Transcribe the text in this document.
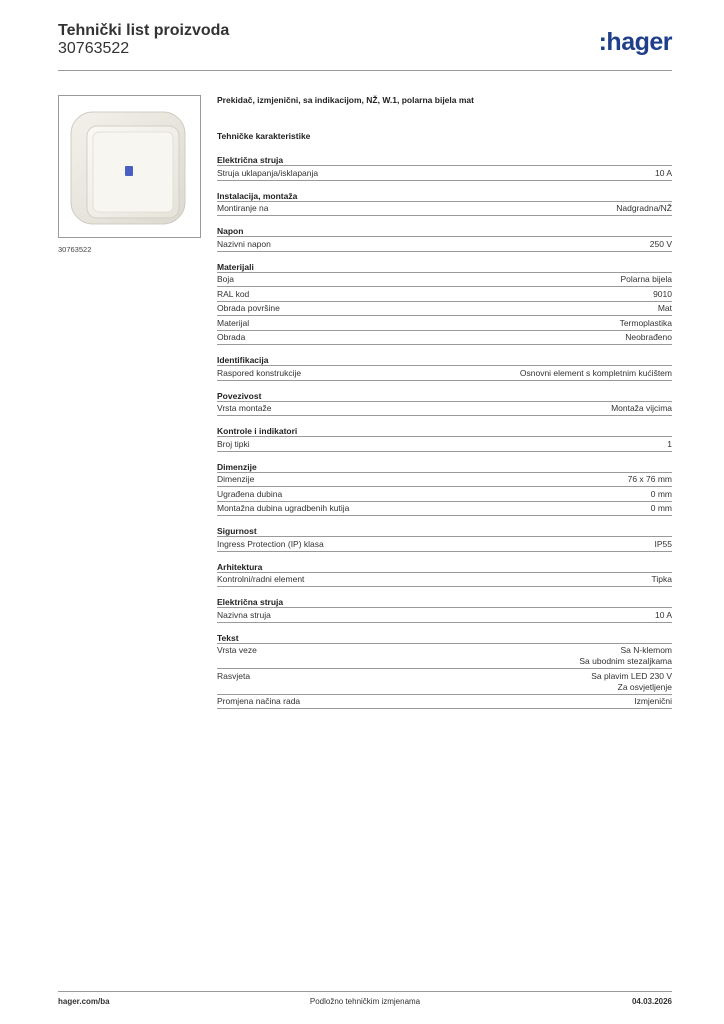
Tehnički list proizvoda
30763522	:hager
30763522
Prekidač, izmjenični, sa indikacijom, NŽ, W.1, polarna bijela mat
Tehničke karakteristike
Električna struja
Struja uklapanja/isklapanja	10 A
Instalacija, montaža
Montiranje na	Nadgradna/NŽ
Napon
Nazivni napon	250 V
Materijali
Boja	Polarna bijela
RAL kod	9010
Obrada površine	Mat
Materijal	Termoplastika
Obrada	Neobrađeno
Identifikacija
Raspored konstrukcije	Osnovni element s kompletnim kućištem
Povezivost
Vrsta montaže	Montaža vijcima
Kontrole i indikatori
Broj tipki	1
Dimenzije
Dimenzije	76 x 76 mm
Ugrađena dubina	0 mm
Montažna dubina ugradbenih kutija	0 mm
Sigurnost
Ingress Protection (IP) klasa	IP55
Arhitektura
Kontrolni/radni element	Tipka
Električna struja
Nazivna struja	10 A
Tekst
Vrsta veze	Sa N-klemom
Sa ubodnim stezaljkama
Rasvjeta	Sa plavim LED 230 V
Za osvjetljenje
Promjena načina rada	Izmjenični
hager.com/ba	Podložno tehničkim izmjenama	04.03.2026
